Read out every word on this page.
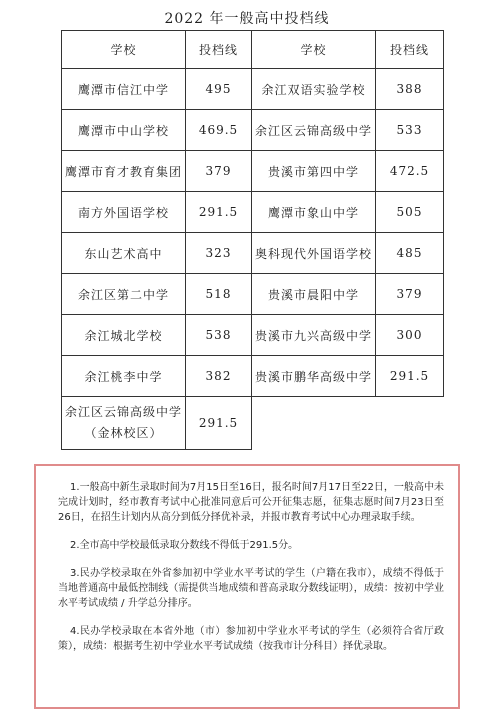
2022 年一般高中投档线
学校	投档线	学校	投档线
鹰潭市信江中学	495	余江双语实验学校	388
鹰潭市中山学校	469.5	余江区云锦高级中学	533
鹰潭市育才教育集团	379	贵溪市第四中学	472.5
南方外国语学校	291.5	鹰潭市象山中学	505
东山艺术高中	323	奥科现代外国语学校	485
余江区第二中学	518	贵溪市晨阳中学	379
余江城北学校	538	贵溪市九兴高级中学	300
余江桃李中学	382	贵溪市鹏华高级中学	291.5
余江区云锦高级中学（金林校区）	291.5		

1.一般高中新生录取时间为7月15日至16日，报名时间7月17日至22日，一般高中未完成计划时，经市教育考试中心批准同意后可公开征集志愿，征集志愿时间7月23日至26日，在招生计划内从高分到低分择优补录，并报市教育考试中心办理录取手续。

2.全市高中学校最低录取分数线不得低于291.5分。

3.民办学校录取在外省参加初中学业水平考试的学生（户籍在我市），成绩不得低于当地普通高中最低控制线（需提供当地成绩和普高录取分数线证明），成绩：按初中学业水平考试成绩 / 升学总分排序。

4.民办学校录取在本省外地（市）参加初中学业水平考试的学生（必须符合省厅政策），成绩：根据考生初中学业水平考试成绩（按我市计分科目）择优录取。
